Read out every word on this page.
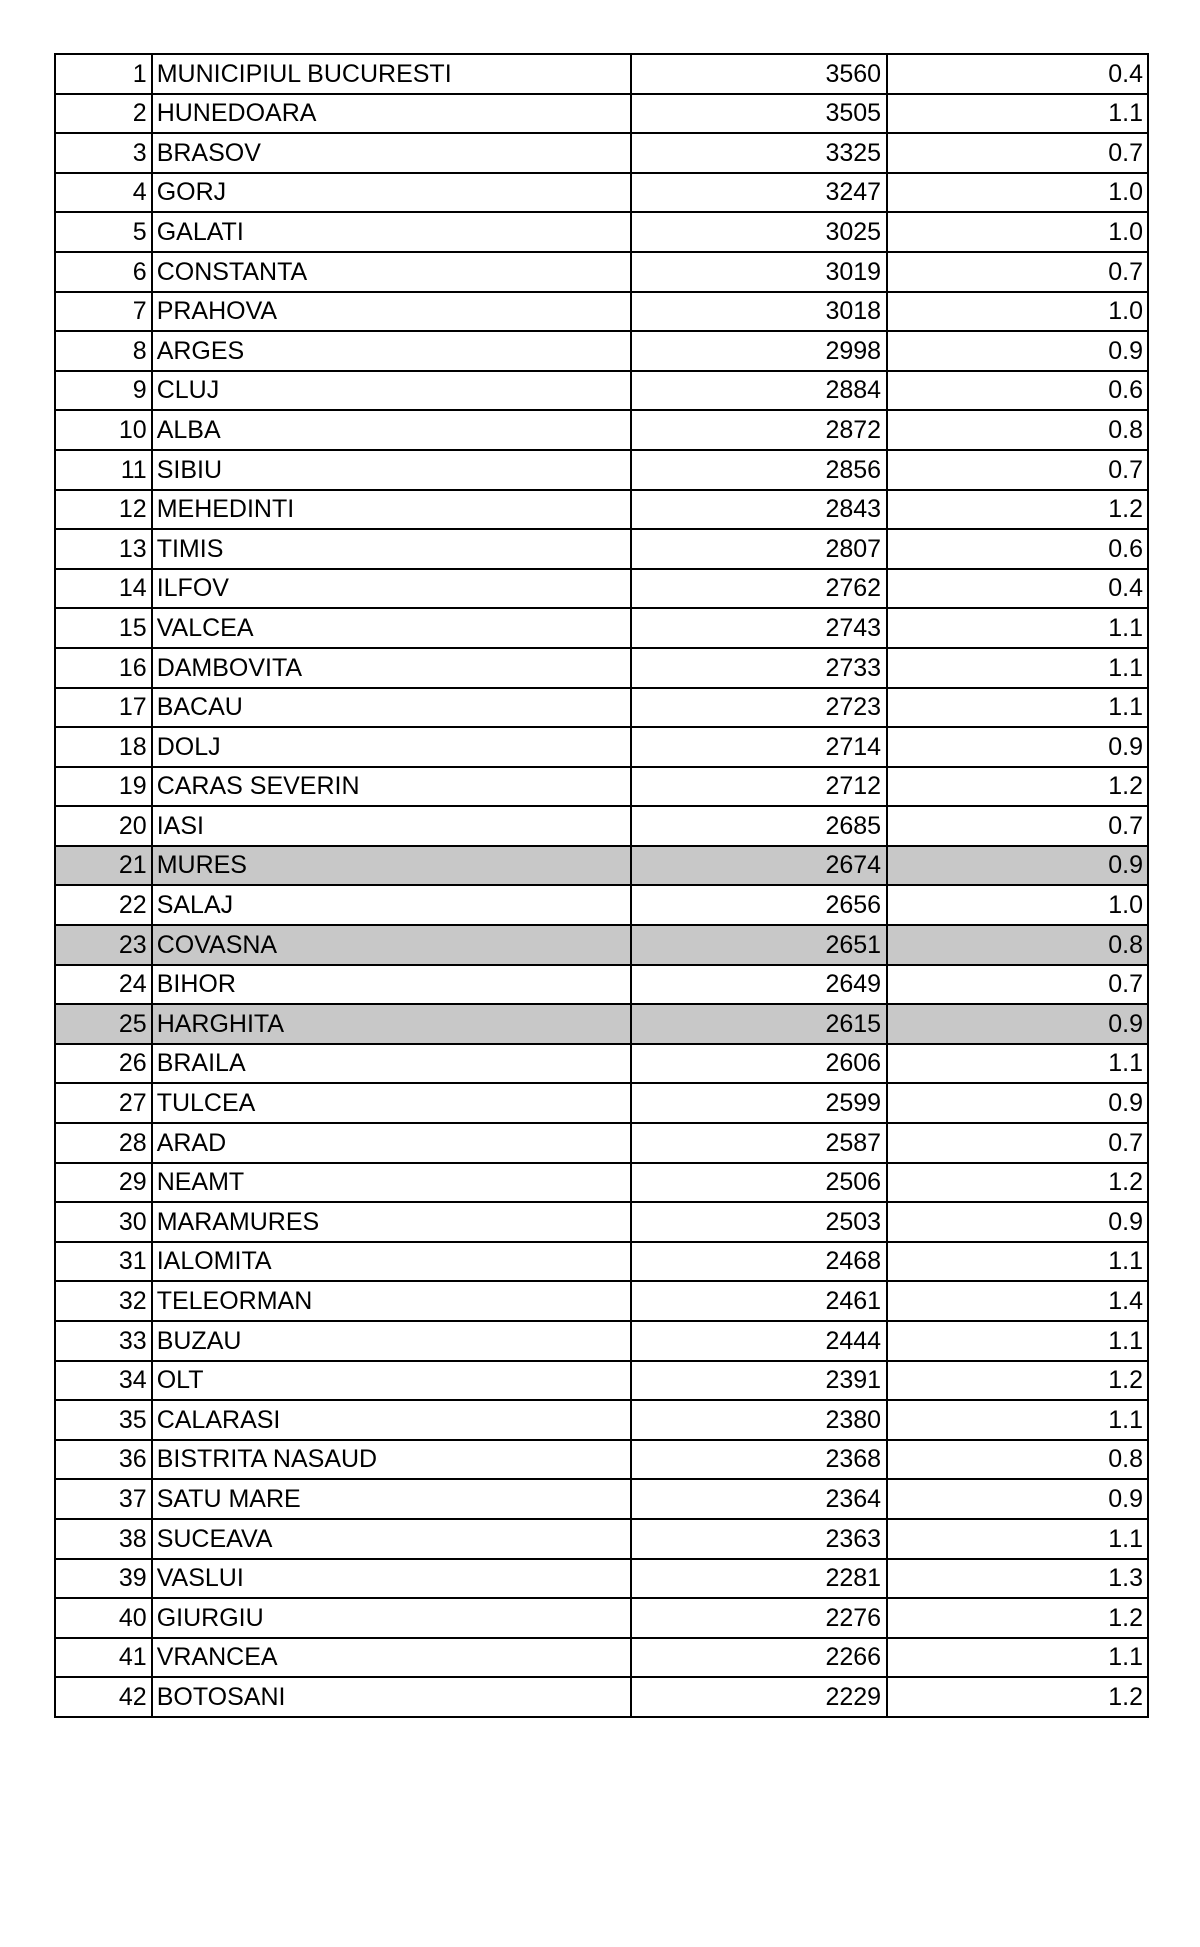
1	MUNICIPIUL BUCURESTI	3560	0.4
2	HUNEDOARA	3505	1.1
3	BRASOV	3325	0.7
4	GORJ	3247	1.0
5	GALATI	3025	1.0
6	CONSTANTA	3019	0.7
7	PRAHOVA	3018	1.0
8	ARGES	2998	0.9
9	CLUJ	2884	0.6
10	ALBA	2872	0.8
11	SIBIU	2856	0.7
12	MEHEDINTI	2843	1.2
13	TIMIS	2807	0.6
14	ILFOV	2762	0.4
15	VALCEA	2743	1.1
16	DAMBOVITA	2733	1.1
17	BACAU	2723	1.1
18	DOLJ	2714	0.9
19	CARAS SEVERIN	2712	1.2
20	IASI	2685	0.7
21	MURES	2674	0.9
22	SALAJ	2656	1.0
23	COVASNA	2651	0.8
24	BIHOR	2649	0.7
25	HARGHITA	2615	0.9
26	BRAILA	2606	1.1
27	TULCEA	2599	0.9
28	ARAD	2587	0.7
29	NEAMT	2506	1.2
30	MARAMURES	2503	0.9
31	IALOMITA	2468	1.1
32	TELEORMAN	2461	1.4
33	BUZAU	2444	1.1
34	OLT	2391	1.2
35	CALARASI	2380	1.1
36	BISTRITA NASAUD	2368	0.8
37	SATU MARE	2364	0.9
38	SUCEAVA	2363	1.1
39	VASLUI	2281	1.3
40	GIURGIU	2276	1.2
41	VRANCEA	2266	1.1
42	BOTOSANI	2229	1.2
